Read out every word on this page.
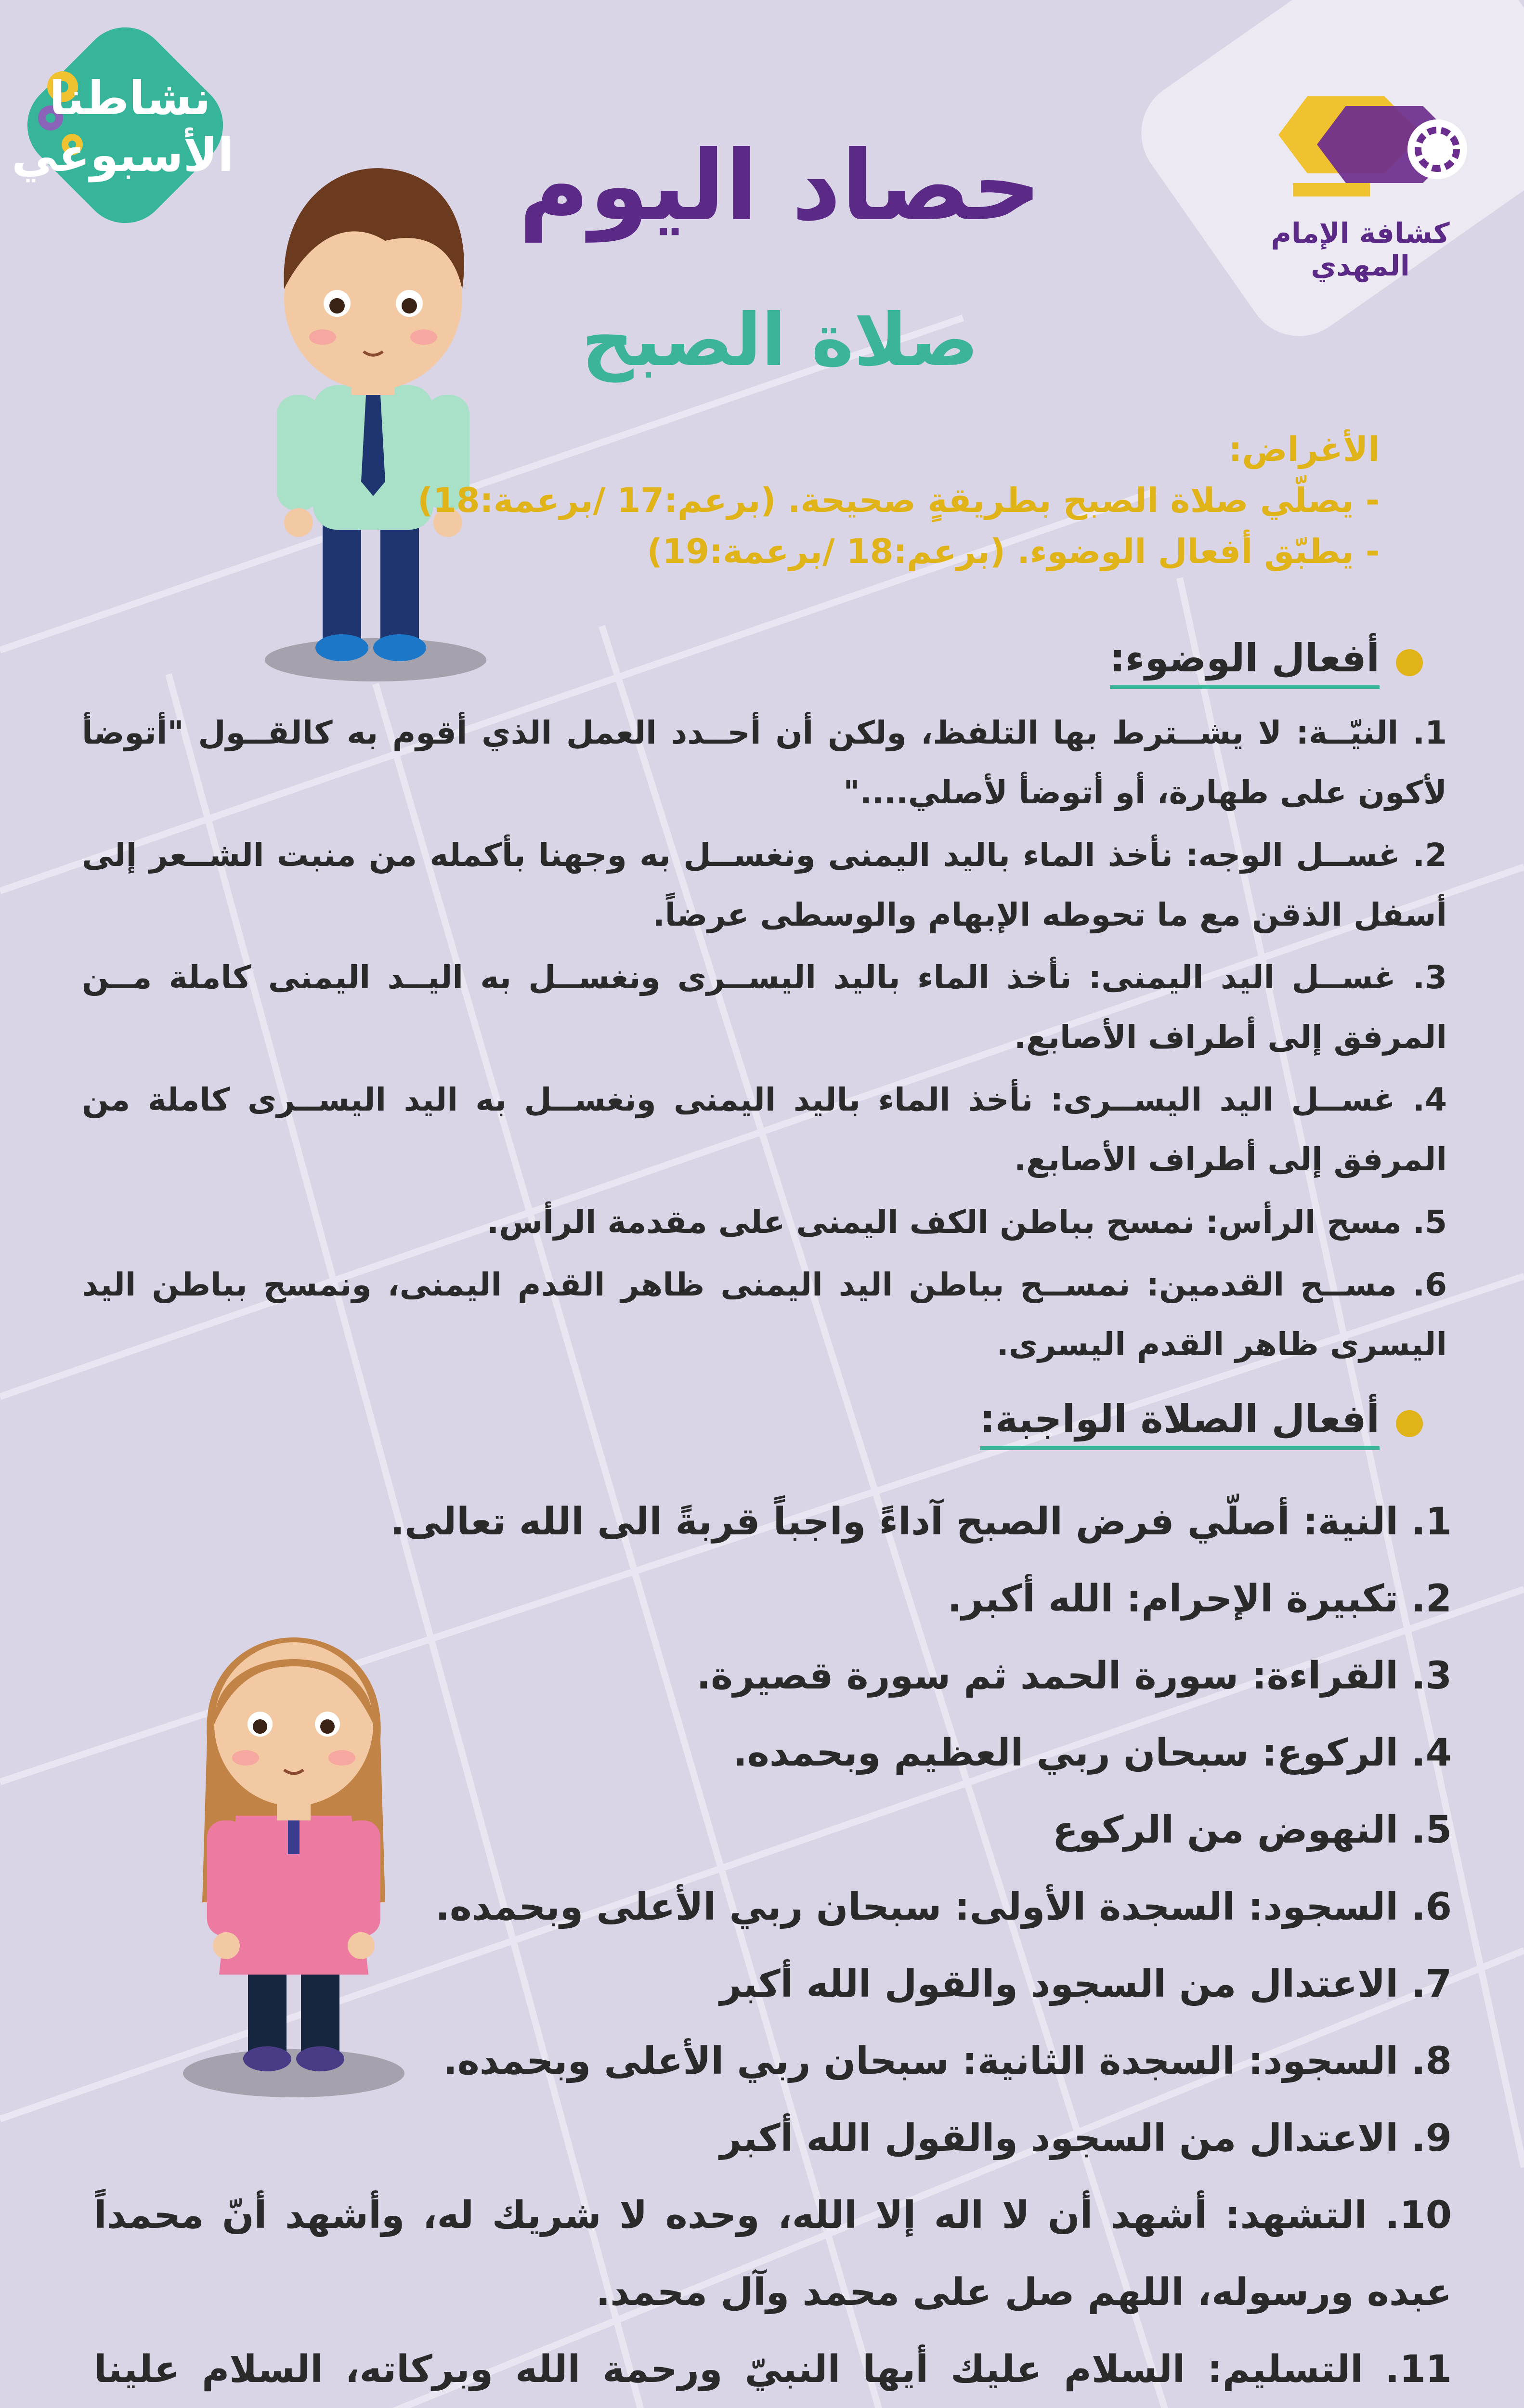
كشافة الإمام المهدي
نشاطنا
الأسبوعي	حصاد اليوم
صلاة الصبح
الأغراض:
- يصلّي صلاة الصبح بطريقةٍ صحيحة. (برعم:17 /برعمة:18)
- يطبّق أفعال الوضوء. (برعم:18 /برعمة:19)
أفعال الوضوء:

1. النيّــة: لا يشــترط بها التلفظ، ولكن أن أحــدد العمل الذي أقوم به كالقــول "أتوضأ لأكون على طهارة، أو أتوضأ لأصلي...."

2. غســل الوجه: نأخذ الماء باليد اليمنى ونغســل به وجهنا بأكمله من منبت الشــعر إلى أسفل الذقن مع ما تحوطه الإبهام والوسطى عرضاً.

3. غســل اليد اليمنى: نأخذ الماء باليد اليســرى ونغســل به اليــد اليمنى كاملة مــن المرفق إلى أطراف الأصابع.

4. غســل اليد اليســرى: نأخذ الماء باليد اليمنى ونغســل به اليد اليســرى كاملة من المرفق إلى أطراف الأصابع.

5. مسح الرأس: نمسح بباطن الكف اليمنى على مقدمة الرأس.

6. مســح القدمين: نمســح بباطن اليد اليمنى ظاهر القدم اليمنى، ونمسح بباطن اليد اليسرى ظاهر القدم اليسرى.

أفعال الصلاة الواجبة:

1. النية: أصلّي فرض الصبح آداءً واجباً قربةً الى الله تعالى.

2. تكبيرة الإحرام: الله أكبر.

3. القراءة: سورة الحمد ثم سورة قصيرة.

4. الركوع: سبحان ربي العظيم وبحمده.

5. النهوض من الركوع

6. السجود: السجدة الأولى: سبحان ربي الأعلى وبحمده.

7. الاعتدال من السجود والقول الله أكبر

8. السجود: السجدة الثانية: سبحان ربي الأعلى وبحمده.

9. الاعتدال من السجود والقول الله أكبر

10. التشهد: أشهد أن لا اله إلا الله، وحده لا شريك له، وأشهد أنّ محمداً عبده ورسوله، اللهم صل على محمد وآل محمد.

11. التسليم: السلام عليك أيها النبيّ ورحمة الله وبركاته، السلام علينا
